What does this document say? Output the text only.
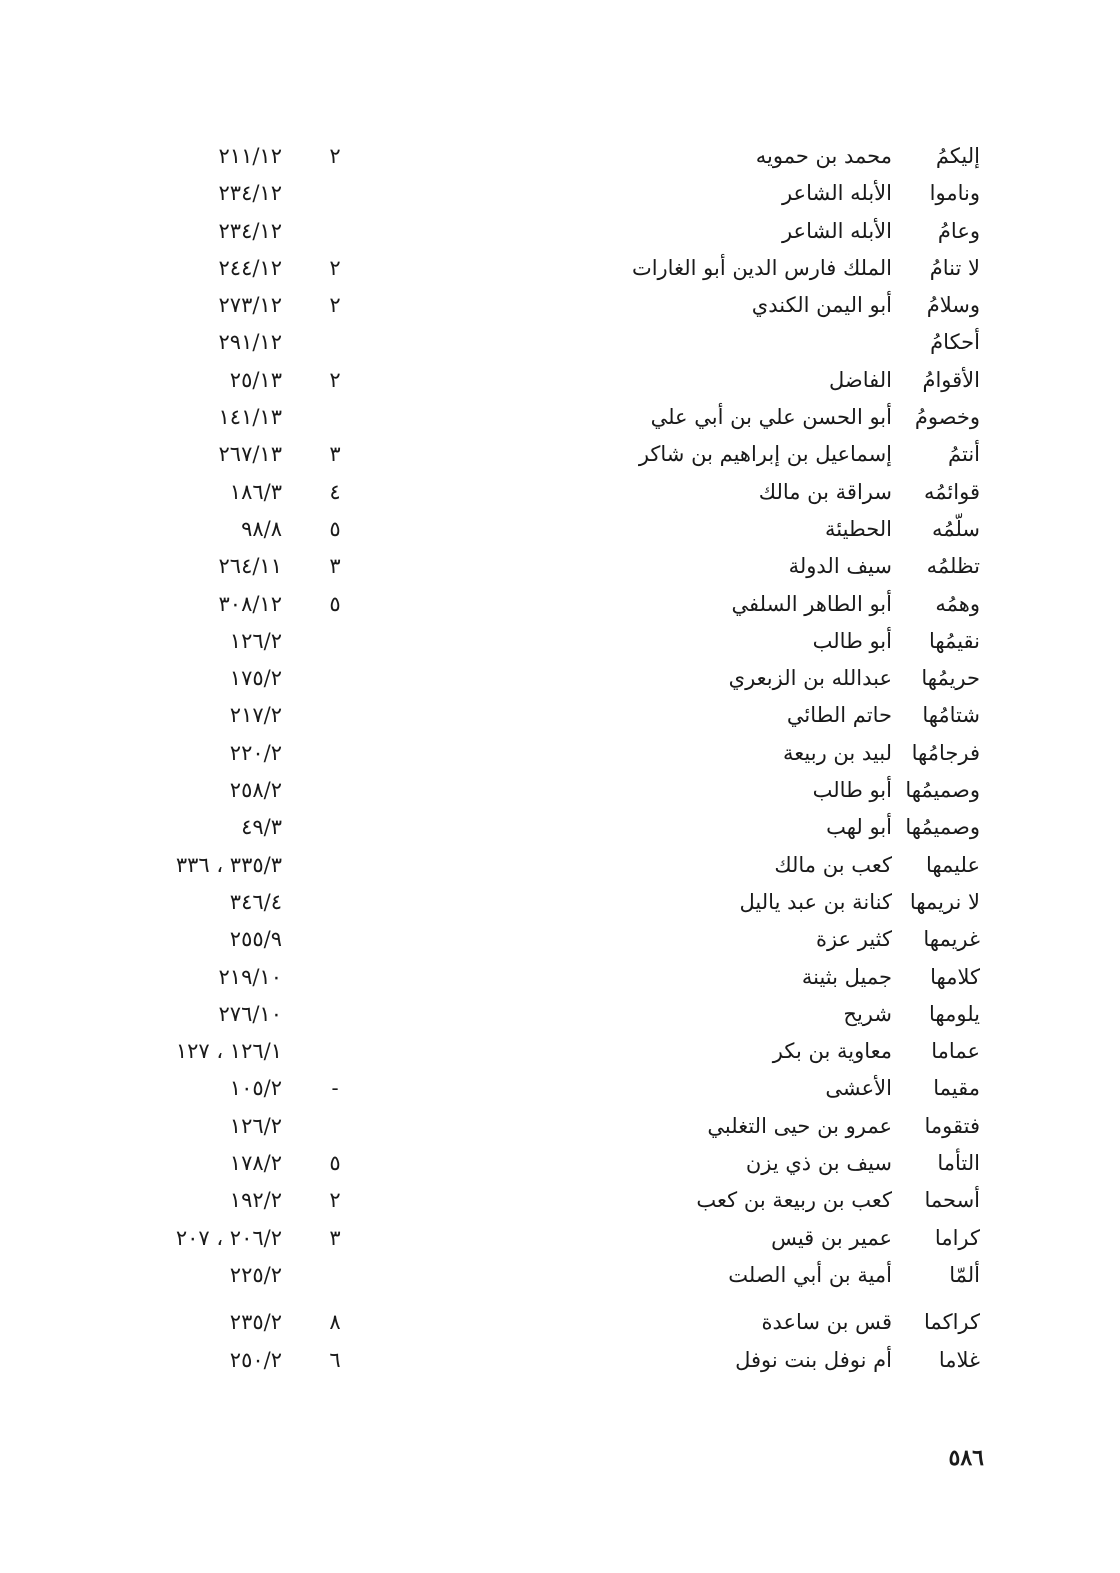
إليكمُ
محمد بن حمويه
٢
٢١١/١٢
وناموا
الأبله الشاعر
٢٣٤/١٢
وعامُ
الأبله الشاعر
٢٣٤/١٢
لا تنامُ
الملك فارس الدين أبو الغارات
٢
٢٤٤/١٢
وسلامُ
أبو اليمن الكندي
٢
٢٧٣/١٢
أحكامُ
٢٩١/١٢
الأقوامُ
الفاضل
٢
٢٥/١٣
وخصومُ
أبو الحسن علي بن أبي علي
١٤١/١٣
أنتمُ
إسماعيل بن إبراهيم بن شاكر
٣
٢٦٧/١٣
قوائمُه
سراقة بن مالك
٤
١٨٦/٣
سلّمُه
الحطيئة
٥
٩٨/٨
تظلمُه
سيف الدولة
٣
٢٦٤/١١
وهمُه
أبو الطاهر السلفي
٥
٣٠٨/١٢
نقيمُها
أبو طالب
١٢٦/٢
حريمُها
عبدالله بن الزبعري
١٧٥/٢
شتامُها
حاتم الطائي
٢١٧/٢
فرجامُها
لبيد بن ربيعة
٢٢٠/٢
وصميمُها
أبو طالب
٢٥٨/٢
وصميمُها
أبو لهب
٤٩/٣
عليمها
كعب بن مالك
٣٣٥/٣ ، ٣٣٦
لا نريمها
كنانة بن عبد ياليل
٣٤٦/٤
غريمها
كثير عزة
٢٥٥/٩
كلامها
جميل بثينة
٢١٩/١٠
يلومها
شريح
٢٧٦/١٠
عماما
معاوية بن بكر
١٢٦/١ ، ١٢٧
مقيما
الأعشى
-
١٠٥/٢
فتقوما
عمرو بن حيى التغلبي
١٢٦/٢
التأما
سيف بن ذي يزن
٥
١٧٨/٢
أسحما
كعب بن ربيعة بن كعب
٢
١٩٢/٢
كراما
عمير بن قيس
٣
٢٠٦/٢ ، ٢٠٧
ألمّا
أمية بن أبي الصلت
٢٢٥/٢
كراكما
قس بن ساعدة
٨
٢٣٥/٢
غلاما
أم نوفل بنت نوفل
٦
٢٥٠/٢
٥٨٦
